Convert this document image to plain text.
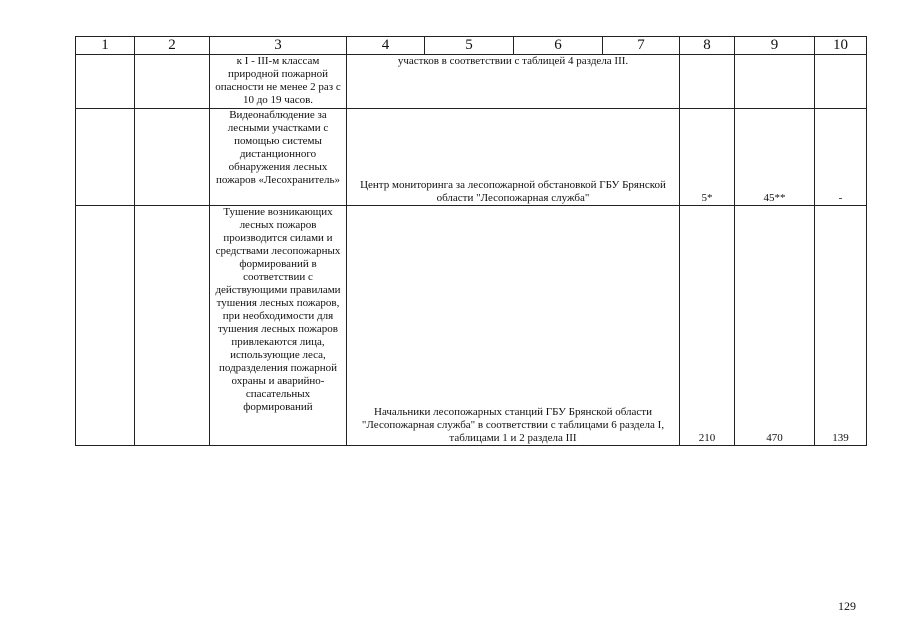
1	2	3	4	5	6	7	8	9	10
		к I - III-м классам природной пожарной опасности не менее 2 раз с 10 до 19 часов.	участков в соответствии с таблицей 4 раздела III.						
		Видеонаблюдение за лесными участками с помощью системы дистанционного обнаружения лесных пожаров «Лесохранитель»	Центр мониторинга за лесопожарной обстановкой ГБУ Брянской области "Лесопожарная служба"				5*	45**	-
		Тушение возникающих лесных пожаров производится силами и средствами лесопожарных формирований в соответствии с действующими правилами тушения лесных пожаров, при необходимости для тушения лесных пожаров привлекаются лица, использующие леса, подразделения пожарной охраны и аварийно-спасательных формирований	Начальники лесопожарных станций ГБУ Брянской области "Лесопожарная служба" в соответствии с таблицами 6 раздела I, таблицами 1 и 2 раздела III				210	470	139
129
